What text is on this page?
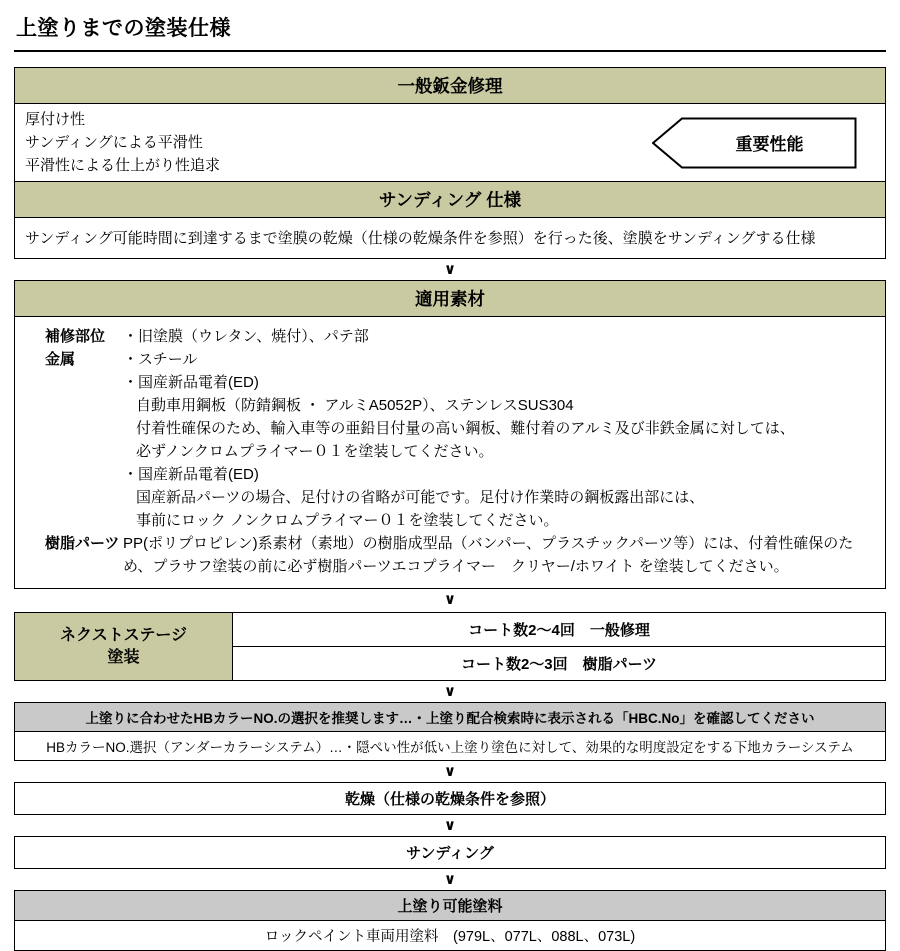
上塗りまでの塗装仕様
一般鈑金修理
厚付け性
サンディングによる平滑性
平滑性による仕上がり性追求
重要性能
サンディング 仕様
サンディング可能時間に到達するまで塗膜の乾燥（仕様の乾燥条件を参照）を行った後、塗膜をサンディングする仕様
∨
適用素材
補修部位	・旧塗膜（ウレタン、焼付）、パテ部
金属	・スチール
・国産新品電着(ED)
自動車用鋼板（防錆鋼板 ・ アルミA5052P）、ステンレスSUS304
付着性確保のため、輸入車等の亜鉛目付量の高い鋼板、難付着のアルミ及び非鉄金属に対しては、
必ずノンクロムプライマー０１を塗装してください。
・国産新品電着(ED)
国産新品パーツの場合、足付けの省略が可能です。足付け作業時の鋼板露出部には、
事前にロック ノンクロムプライマー０１を塗装してください。
樹脂パーツ PP(ポリプロピレン)系素材（素地）の樹脂成型品（バンパー、プラスチックパーツ等）には、付着性確保のため、プラサフ塗装の前に必ず樹脂パーツエコプライマー　クリヤー/ホワイト を塗装してください。
∨
ネクストステージ
塗装
コート数2～4回　一般修理
コート数2～3回　樹脂パーツ
∨
上塗りに合わせたHBカラーNO.の選択を推奨します…・上塗り配合検索時に表示される「HBC.No」を確認してください
HBカラーNO.選択（アンダーカラーシステム）…・隠ぺい性が低い上塗り塗色に対して、効果的な明度設定をする下地カラーシステム
∨
乾燥（仕様の乾燥条件を参照）
∨
サンディング
∨
上塗り可能塗料
ロックペイント車両用塗料　(979L、077L、088L、073L)
